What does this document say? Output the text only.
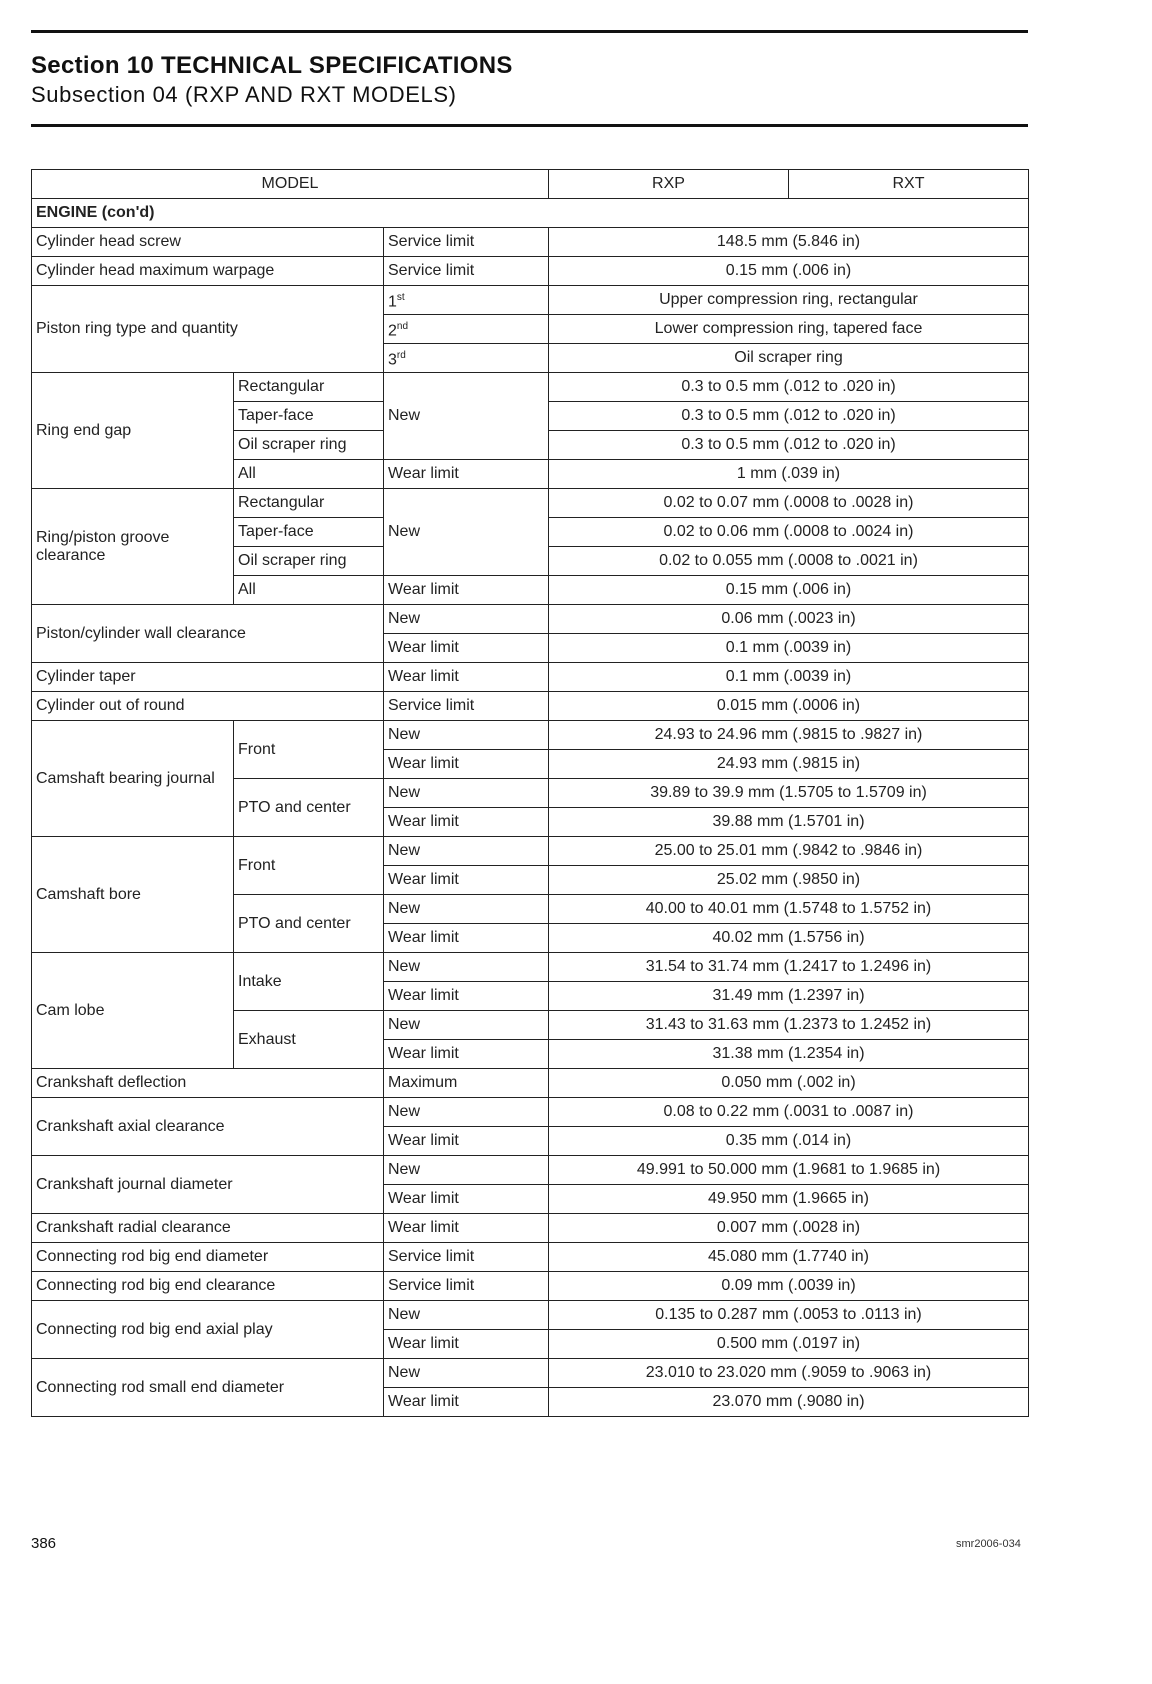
Section 10 TECHNICAL SPECIFICATIONS
Subsection 04 (RXP AND RXT MODELS)
MODEL			RXP	RXT
ENGINE (con'd)				
Cylinder head screw		Service limit	148.5 mm (5.846 in)	
Cylinder head maximum warpage		Service limit	0.15 mm (.006 in)	
Piston ring type and quantity		1st	Upper compression ring, rectangular	
		2nd	Lower compression ring, tapered face	
		3rd	Oil scraper ring	
Ring end gap	Rectangular	New	0.3 to 0.5 mm (.012 to .020 in)	
	Taper-face		0.3 to 0.5 mm (.012 to .020 in)	
	Oil scraper ring		0.3 to 0.5 mm (.012 to .020 in)	
	All	Wear limit	1 mm (.039 in)	
Ring/piston groove clearance	Rectangular	New	0.02 to 0.07 mm (.0008 to .0028 in)	
	Taper-face		0.02 to 0.06 mm (.0008 to .0024 in)	
	Oil scraper ring		0.02 to 0.055 mm (.0008 to .0021 in)	
	All	Wear limit	0.15 mm (.006 in)	
Piston/cylinder wall clearance		New	0.06 mm (.0023 in)	
		Wear limit	0.1 mm (.0039 in)	
Cylinder taper		Wear limit	0.1 mm (.0039 in)	
Cylinder out of round		Service limit	0.015 mm (.0006 in)	
Camshaft bearing journal	Front	New	24.93 to 24.96 mm (.9815 to .9827 in)	
		Wear limit	24.93 mm (.9815 in)	
	PTO and center	New	39.89 to 39.9 mm (1.5705 to 1.5709 in)	
		Wear limit	39.88 mm (1.5701 in)	
Camshaft bore	Front	New	25.00 to 25.01 mm (.9842 to .9846 in)	
		Wear limit	25.02 mm (.9850 in)	
	PTO and center	New	40.00 to 40.01 mm (1.5748 to 1.5752 in)	
		Wear limit	40.02 mm (1.5756 in)	
Cam lobe	Intake	New	31.54 to 31.74 mm (1.2417 to 1.2496 in)	
		Wear limit	31.49 mm (1.2397 in)	
	Exhaust	New	31.43 to 31.63 mm (1.2373 to 1.2452 in)	
		Wear limit	31.38 mm (1.2354 in)	
Crankshaft deflection		Maximum	0.050 mm (.002 in)	
Crankshaft axial clearance		New	0.08 to 0.22 mm (.0031 to .0087 in)	
		Wear limit	0.35 mm (.014 in)	
Crankshaft journal diameter		New	49.991 to 50.000 mm (1.9681 to 1.9685 in)	
		Wear limit	49.950 mm (1.9665 in)	
Crankshaft radial clearance		Wear limit	0.007 mm (.0028 in)	
Connecting rod big end diameter		Service limit	45.080 mm (1.7740 in)	
Connecting rod big end clearance		Service limit	0.09 mm (.0039 in)	
Connecting rod big end axial play		New	0.135 to 0.287 mm (.0053 to .0113 in)	
		Wear limit	0.500 mm (.0197 in)	
Connecting rod small end diameter		New	23.010 to 23.020 mm (.9059 to .9063 in)	
		Wear limit	23.070 mm (.9080 in)	
386	smr2006-034
